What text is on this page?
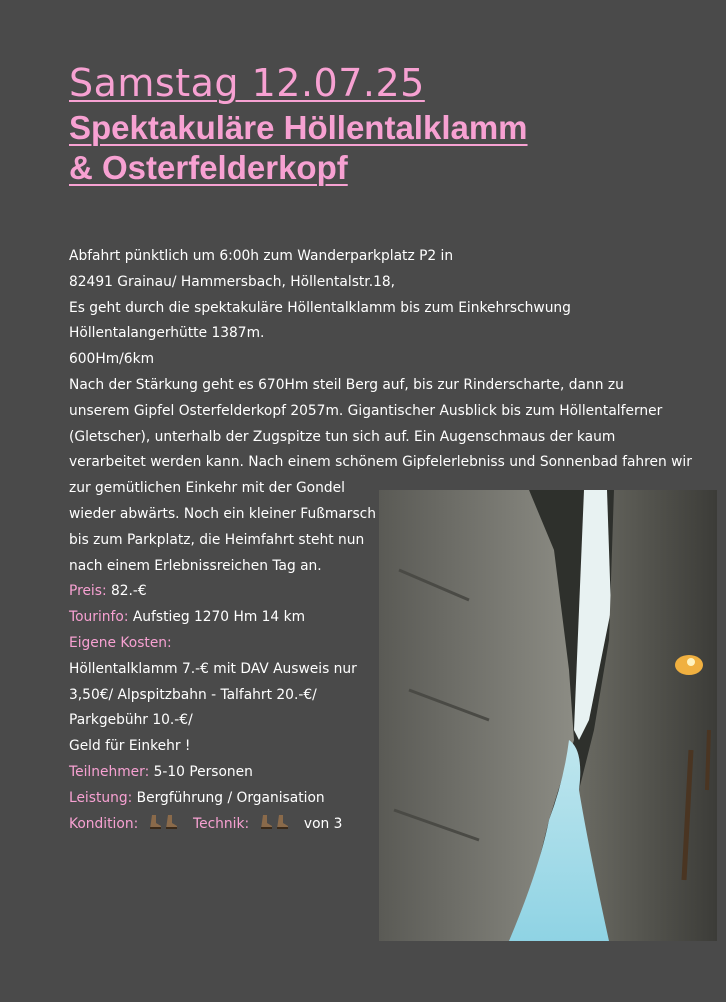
Samstag 12.07.25
Spektakuläre Höllentalklamm
& Osterfelderkopf
Abfahrt pünktlich um 6:00h zum Wanderparkplatz P2 in
82491 Grainau/ Hammersbach, Höllentalstr.18,
Es geht durch die spektakuläre Höllentalklamm bis zum Einkehrschwung
Höllentalangerhütte 1387m.
600Hm/6km
Nach der Stärkung geht es 670Hm steil Berg auf, bis zur Rinderscharte, dann zu
unserem Gipfel Osterfelderkopf 2057m. Gigantischer Ausblick bis zum Höllentalferner
(Gletscher), unterhalb der Zugspitze tun sich auf. Ein Augenschmaus der kaum
verarbeitet werden kann. Nach einem schönem Gipfelerlebniss und Sonnenbad fahren wir
zur gemütlichen Einkehr mit der Gondel
wieder abwärts. Noch ein kleiner Fußmarsch
bis zum Parkplatz, die Heimfahrt steht nun
nach einem Erlebnissreichen Tag an.
Preis: 82.-€
Tourinfo: Aufstieg 1270 Hm 14 km
Eigene Kosten:
Höllentalklamm 7.-€ mit DAV Ausweis nur
3,50€/ Alpspitzbahn - Talfahrt 20.-€/
Parkgebühr 10.-€/
Geld für Einkehr !
Teilnehmer: 5-10 Personen
Leistung: Bergführung / Organisation
Kondition:	Technik:	von 3
